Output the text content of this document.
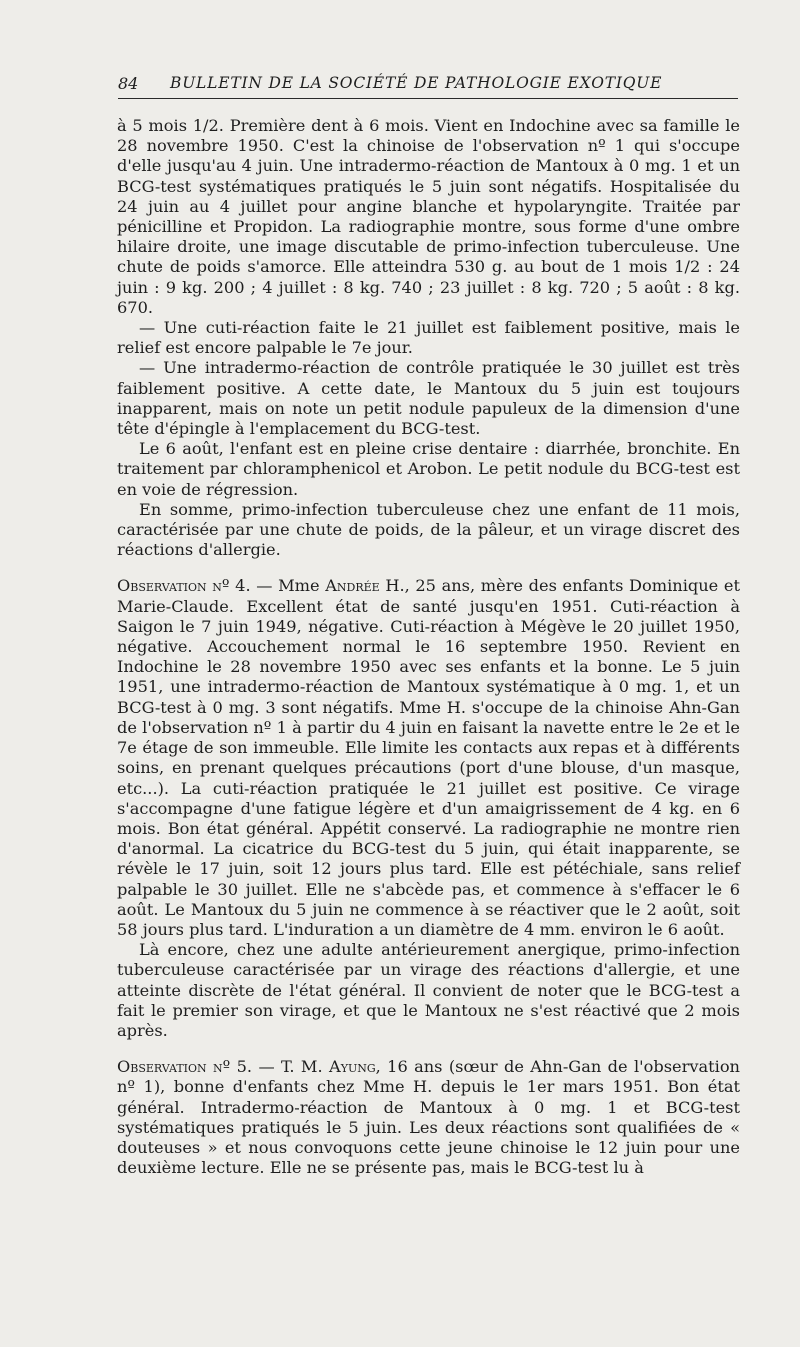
84 BULLETIN DE LA SOCIÉTÉ DE PATHOLOGIE EXOTIQUE

à 5 mois 1/2. Première dent à 6 mois. Vient en Indochine avec sa famille le 28 novembre 1950. C'est la chinoise de l'observation nº 1 qui s'occupe d'elle jusqu'au 4 juin. Une intradermo-réaction de Mantoux à 0 mg. 1 et un BCG-test systématiques pratiqués le 5 juin sont négatifs. Hospitalisée du 24 juin au 4 juillet pour angine blanche et hypolaryngite. Traitée par pénicilline et Propidon. La radiographie montre, sous forme d'une ombre hilaire droite, une image discutable de primo-infection tuberculeuse. Une chute de poids s'amorce. Elle atteindra 530 g. au bout de 1 mois 1/2 : 24 juin : 9 kg. 200 ; 4 juillet : 8 kg. 740 ; 23 juillet : 8 kg. 720 ; 5 août : 8 kg. 670.

— Une cuti-réaction faite le 21 juillet est faiblement positive, mais le relief est encore palpable le 7e jour.

— Une intradermo-réaction de contrôle pratiquée le 30 juillet est très faiblement positive. A cette date, le Mantoux du 5 juin est toujours inapparent, mais on note un petit nodule papuleux de la dimension d'une tête d'épingle à l'emplacement du BCG-test.

Le 6 août, l'enfant est en pleine crise dentaire : diarrhée, bronchite. En traitement par chloramphenicol et Arobon. Le petit nodule du BCG-test est en voie de régression.

En somme, primo-infection tuberculeuse chez une enfant de 11 mois, caractérisée par une chute de poids, de la pâleur, et un virage discret des réactions d'allergie.

Observation nº 4. — Mme Andrée H., 25 ans, mère des enfants Dominique et Marie-Claude. Excellent état de santé jusqu'en 1951. Cuti-réaction à Saigon le 7 juin 1949, négative. Cuti-réaction à Mégève le 20 juillet 1950, négative. Accouchement normal le 16 septembre 1950. Revient en Indochine le 28 novembre 1950 avec ses enfants et la bonne. Le 5 juin 1951, une intradermo-réaction de Mantoux systématique à 0 mg. 1, et un BCG-test à 0 mg. 3 sont négatifs. Mme H. s'occupe de la chinoise Ahn-Gan de l'observation nº 1 à partir du 4 juin en faisant la navette entre le 2e et le 7e étage de son immeuble. Elle limite les contacts aux repas et à différents soins, en prenant quelques précautions (port d'une blouse, d'un masque, etc...). La cuti-réaction pratiquée le 21 juillet est positive. Ce virage s'accompagne d'une fatigue légère et d'un amaigrissement de 4 kg. en 6 mois. Bon état général. Appétit conservé. La radiographie ne montre rien d'anormal. La cicatrice du BCG-test du 5 juin, qui était inapparente, se révèle le 17 juin, soit 12 jours plus tard. Elle est pétéchiale, sans relief palpable le 30 juillet. Elle ne s'abcède pas, et commence à s'effacer le 6 août. Le Mantoux du 5 juin ne commence à se réactiver que le 2 août, soit 58 jours plus tard. L'induration a un diamètre de 4 mm. environ le 6 août.

Là encore, chez une adulte antérieurement anergique, primo-infection tuberculeuse caractérisée par un virage des réactions d'allergie, et une atteinte discrète de l'état général. Il convient de noter que le BCG-test a fait le premier son virage, et que le Mantoux ne s'est réactivé que 2 mois après.

Observation nº 5. — T. M. Ayung, 16 ans (sœur de Ahn-Gan de l'observation nº 1), bonne d'enfants chez Mme H. depuis le 1er mars 1951. Bon état général. Intradermo-réaction de Mantoux à 0 mg. 1 et BCG-test systématiques pratiqués le 5 juin. Les deux réactions sont qualifiées de « douteuses » et nous convoquons cette jeune chinoise le 12 juin pour une deuxième lecture. Elle ne se présente pas, mais le BCG-test lu à
